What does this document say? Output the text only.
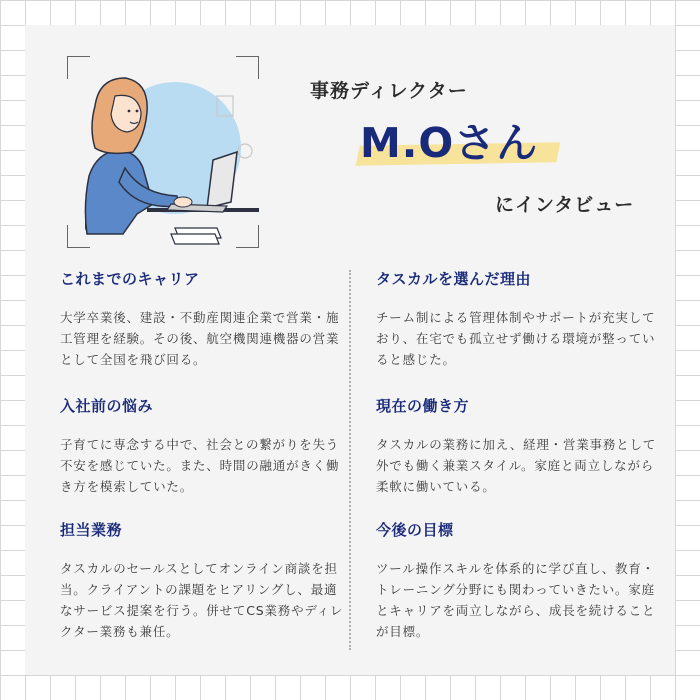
事務ディレクター
M.Oさん
にインタビュー
これまでのキャリア

大学卒業後、建設・不動産関連企業で営業・施工管理を経験。その後、航空機関連機器の営業として全国を飛び回る。

タスカルを選んだ理由

チーム制による管理体制やサポートが充実しており、在宅でも孤立せず働ける環境が整っていると感じた。

入社前の悩み

子育てに専念する中で、社会との繋がりを失う不安を感じていた。また、時間の融通がきく働き方を模索していた。

現在の働き方

タスカルの業務に加え、経理・営業事務として外でも働く兼業スタイル。家庭と両立しながら柔軟に働いている。

担当業務

タスカルのセールスとしてオンライン商談を担当。クライアントの課題をヒアリングし、最適なサービス提案を行う。併せてCS業務やディレクター業務も兼任。

今後の目標

ツール操作スキルを体系的に学び直し、教育・トレーニング分野にも関わっていきたい。家庭とキャリアを両立しながら、成長を続けることが目標。
